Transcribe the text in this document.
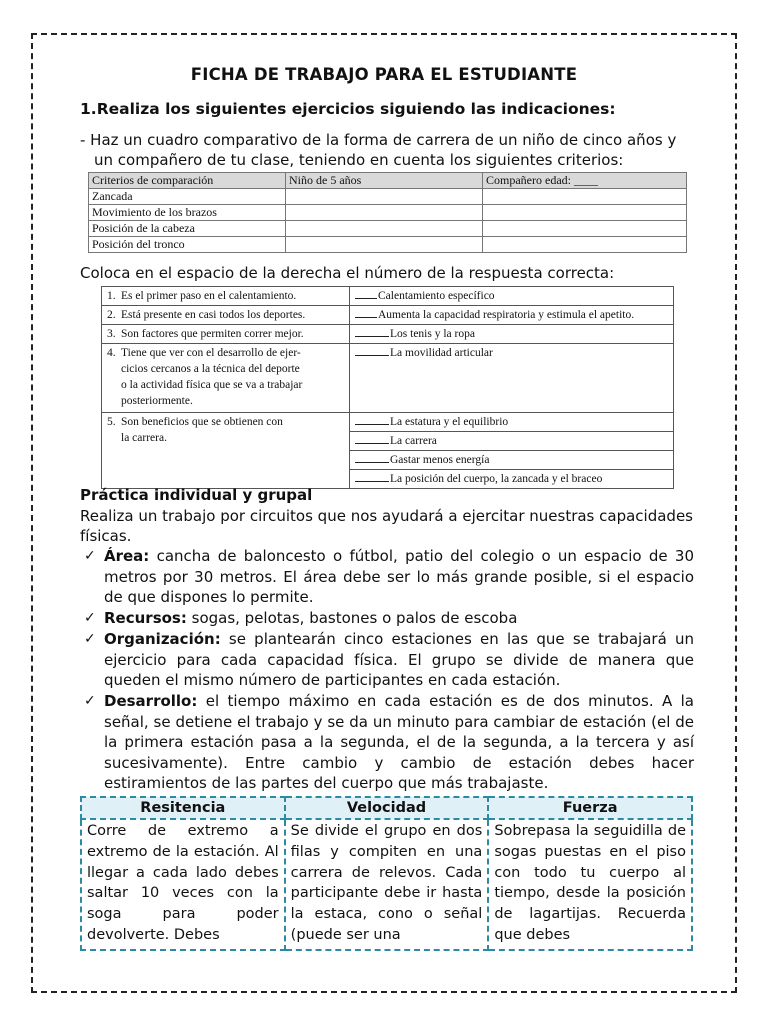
FICHA DE TRABAJO PARA EL ESTUDIANTE
1.Realiza los siguientes ejercicios siguiendo las indicaciones:
- Haz un cuadro comparativo de la forma de carrera de un niño de cinco años y un compañero de tu clase, teniendo en cuenta los siguientes criterios:
Criterios de comparación	Niño de 5 años	Compañero edad: ____
Zancada		
Movimiento de los brazos		
Posición de la cabeza		
Posición del tronco		
Coloca en el espacio de la derecha el número de la respuesta correcta:
1. Es el primer paso en el calentamiento.	Calentamiento específico
2. Está presente en casi todos los deportes.	Aumenta la capacidad respiratoria y estimula el apetito.
3. Son factores que permiten correr mejor.	Los tenis y la ropa
4. Tiene que ver con el desarrollo de ejer-
cicios cercanos a la técnica del deporte
o la actividad física que se va a trabajar
posteriormente.	La movilidad articular
5. Son beneficios que se obtienen con
la carrera.	La estatura y el equilibrio
	La carrera
	Gastar menos energía
	La posición del cuerpo, la zancada y el braceo
Práctica individual y grupal
Realiza un trabajo por circuitos que nos ayudará a ejercitar nuestras capacidades físicas.
✓ Área: cancha de baloncesto o fútbol, patio del colegio o un espacio de 30 metros por 30 metros. El área debe ser lo más grande posible, si el espacio de que dispones lo permite.
✓ Recursos: sogas, pelotas, bastones o palos de escoba
✓ Organización: se plantearán cinco estaciones en las que se trabajará un ejercicio para cada capacidad física. El grupo se divide de manera que queden el mismo número de participantes en cada estación.
✓ Desarrollo: el tiempo máximo en cada estación es de dos minutos. A la señal, se detiene el trabajo y se da un minuto para cambiar de estación (el de la primera estación pasa a la segunda, el de la segunda, a la tercera y así sucesivamente). Entre cambio y cambio de estación debes hacer estiramientos de las partes del cuerpo que más trabajaste.
Resitencia	Velocidad	Fuerza

Corre de extremo a extremo de la estación. Al llegar a cada lado debes saltar 10 veces con la soga para poder devolverte. Debes	Se divide el grupo en dos filas y compiten en una carrera de relevos. Cada participante debe ir hasta la estaca, cono o señal (puede ser una	Sobrepasa la seguidilla de sogas puestas en el piso con todo tu cuerpo al tiempo, desde la posición de lagartijas. Recuerda que debes
